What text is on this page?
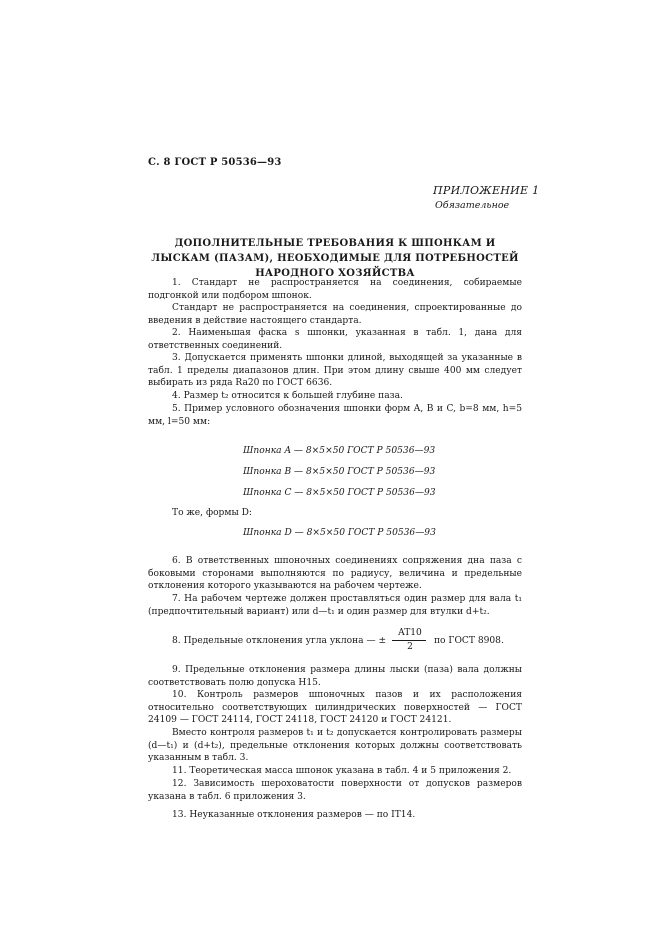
С. 8 ГОСТ Р 50536—93
ПРИЛОЖЕНИЕ 1
Обязательное
ДОПОЛНИТЕЛЬНЫЕ ТРЕБОВАНИЯ К ШПОНКАМ И ЛЫСКАМ (ПАЗАМ), НЕОБХОДИМЫЕ ДЛЯ ПОТРЕБНОСТЕЙ НАРОДНОГО ХОЗЯЙСТВА
1. Стандарт не распространяется на соединения, собираемые подгонкой или подбором шпонок.
Стандарт не распространяется на соединения, спроектированные до введения в действие настоящего стандарта.
2. Наименьшая фаска s шпонки, указанная в табл. 1, дана для ответственных соединений.
3. Допускается применять шпонки длиной, выходящей за указанные в табл. 1 пределы диапазонов длин. При этом длину свыше 400 мм следует выбирать из ряда Ra20 по ГОСТ 6636.
4. Размер t₂ относится к большей глубине паза.
5. Пример условного обозначения шпонки форм A, B и C, b=8 мм, h=5 мм, l=50 мм:
Шпонка A — 8×5×50 ГОСТ Р 50536—93
Шпонка B — 8×5×50 ГОСТ Р 50536—93
Шпонка C — 8×5×50 ГОСТ Р 50536—93
То же, формы D:
Шпонка D — 8×5×50 ГОСТ Р 50536—93
6. В ответственных шпоночных соединениях сопряжения дна паза с боковыми сторонами выполняются по радиусу, величина и предельные отклонения которого указываются на рабочем чертеже.
7. На рабочем чертеже должен проставляться один размер для вала t₁ (предпочтительный вариант) или d—t₁ и один размер для втулки d+t₂.
8. Предельные отклонения угла уклона — ±
AT10
2
по ГОСТ 8908.
9. Предельные отклонения размера длины лыски (паза) вала должны соответствовать полю допуска H15.
10. Контроль размеров шпоночных пазов и их расположения относительно соответствующих цилиндрических поверхностей — ГОСТ 24109 — ГОСТ 24114, ГОСТ 24118, ГОСТ 24120 и ГОСТ 24121.
Вместо контроля размеров t₁ и t₂ допускается контролировать размеры (d—t₁) и (d+t₂), предельные отклонения которых должны соответствовать указанным в табл. 3.
11. Теоретическая масса шпонок указана в табл. 4 и 5 приложения 2.
12. Зависимость шероховатости поверхности от допусков размеров указана в табл. 6 приложения 3.
13. Неуказанные отклонения размеров — по IT14.
